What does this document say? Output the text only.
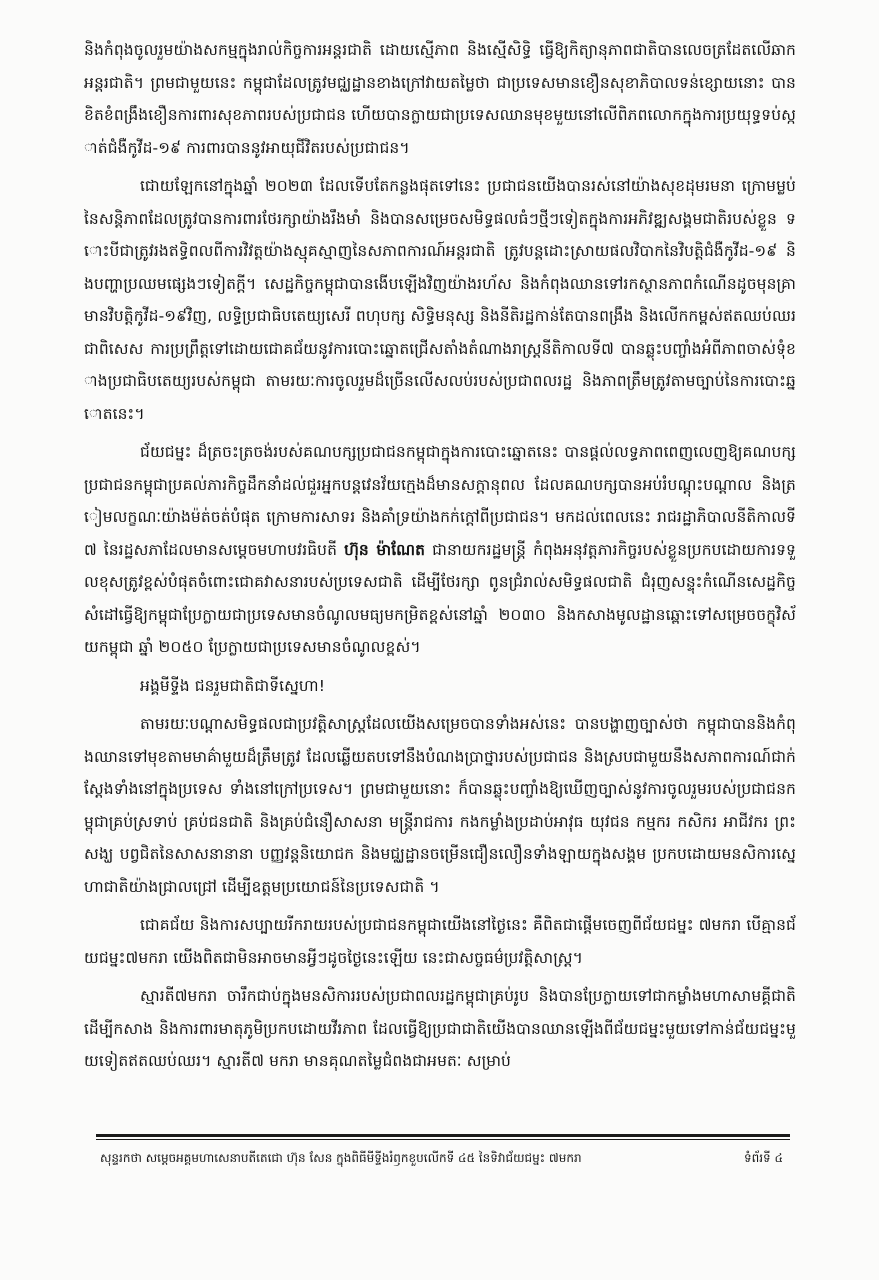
និងកំពុងចូលរួមយ៉ាងសកម្មក្នុងរាល់កិច្ចការអន្តរជាតិ ដោយស្មើភាព និងស្មើសិទ្ធិ ធ្វើឱ្យកិត្យានុភាពជាតិបានលេចត្រដែតលើឆាកអន្តរជាតិ។ ព្រមជាមួយនេះ កម្ពុជាដែលត្រូវមជ្ឈដ្ឋានខាងក្រៅវាយតម្លៃថា ជាប្រទេសមានខឿនសុខាភិបាលទន់ខ្សោយនោះ បានខិតខំពង្រឹងខឿនការពារសុខភាពរបស់ប្រជាជន ហើយបានក្លាយជាប្រទេសឈានមុខមួយនៅលើពិភពលោកក្នុងការប្រយុទ្ធទប់ស្កាត់ជំងឺកូវីដ-១៩ ការពារបាននូវអាយុជីវិតរបស់ប្រជាជន។

ជោយឡែកនៅក្នុងឆ្នាំ ២០២៣ ដែលទើបតែកន្លងផុតទៅនេះ ប្រជាជនយើងបានរស់នៅយ៉ាងសុខដុមរមនា ក្រោមម្លប់នៃសន្តិភាពដែលត្រូវបានការពារថែរក្សាយ៉ាងរឹងមាំ និងបានសម្រេចសមិទ្ធផលធំៗថ្មីៗទៀតក្នុងការអភិវឌ្ឍសង្គមជាតិរបស់ខ្លួន ទោះបីជាត្រូវរងឥទ្ធិពលពីការវិវត្តយ៉ាងស្មុគស្មាញនៃសភាពការណ៍អន្តរជាតិ ត្រូវបន្តដោះស្រាយផលវិបាកនៃវិបត្តិជំងឺកូវីដ-១៩ និងបញ្ហាប្រឈមផ្សេងៗទៀតក្តី។ សេដ្ឋកិច្ចកម្ពុជាបានងើបឡើងវិញយ៉ាងរហ័ស និងកំពុងឈានទៅរកស្ថានភាពកំណើនដូចមុនគ្រាមានវិបត្តិកូវីដ-១៩វិញ, លទ្ធិប្រជាធិបតេយ្យសេរី ពហុបក្ស សិទ្ធិមនុស្ស និងនីតិរដ្ឋកាន់តែបានពង្រឹង និងលើកកម្ពស់ឥតឈប់ឈរ ជាពិសេស ការប្រព្រឹត្តទៅដោយជោគជ័យនូវការបោះឆ្នោតជ្រើសតាំងតំណាងរាស្ត្រនីតិកាលទី៧ បានឆ្លុះបញ្ចាំងអំពីភាពចាស់ទុំខាងប្រជាធិបតេយ្យរបស់កម្ពុជា តាមរយៈការចូលរួមដ៏ច្រើនលើសលប់របស់ប្រជាពលរដ្ឋ និងភាពត្រឹមត្រូវតាមច្បាប់នៃការបោះឆ្នោតនេះ។

ជ័យជម្នះ ដ៏ត្រចះត្រចង់របស់គណបក្សប្រជាជនកម្ពុជាក្នុងការបោះឆ្នោតនេះ បានផ្តល់លទ្ធភាពពេញលេញឱ្យគណបក្សប្រជាជនកម្ពុជាប្រគល់ភារកិច្ចដឹកនាំដល់ជួរអ្នកបន្តវេនវ័យក្មេងដ៏មានសក្តានុពល ដែលគណបក្សបានអប់រំបណ្តុះបណ្តាល និងត្រៀមលក្ខណៈយ៉ាងម៉ត់ចត់បំផុត ក្រោមការសាទរ និងគាំទ្រយ៉ាងកក់ក្តៅពីប្រជាជន។ មកដល់ពេលនេះ រាជរដ្ឋាភិបាលនីតិកាលទី៧ នៃរដ្ឋសភាដែលមានសម្តេចមហាបវរធិបតី ហ៊ុន ម៉ាណែត ជានាយករដ្ឋមន្ត្រី កំពុងអនុវត្តភារកិច្ចរបស់ខ្លួនប្រកបដោយការទទួលខុសត្រូវខ្ពស់បំផុតចំពោះជោគវាសនារបស់ប្រទេសជាតិ ដើម្បីថែរក្សា ពូនជ្រំរាល់សមិទ្ធផលជាតិ ជំរុញសន្ទុះកំណើនសេដ្ឋកិច្ចសំដៅធ្វើឱ្យកម្ពុជាប្រែក្លាយជាប្រទេសមានចំណូលមធ្យមកម្រិតខ្ពស់នៅឆ្នាំ ២០៣០ និងកសាងមូលដ្ឋានឆ្ពោះទៅសម្រេចចក្ខុវិស័យកម្ពុជា ឆ្នាំ ២០៥០ ប្រែក្លាយជាប្រទេសមានចំណូលខ្ពស់។

អង្គមីទ្ទីង ជនរួមជាតិជាទីស្នេហា!

តាមរយៈបណ្តាសមិទ្ធផលជាប្រវត្តិសាស្ត្រដែលយើងសម្រេចបានទាំងអស់នេះ បានបង្ហាញច្បាស់ថា កម្ពុជាបាននិងកំពុងឈានទៅមុខតាមមាគ៌ាមួយដ៏ត្រឹមត្រូវ ដែលឆ្លើយតបទៅនឹងបំណងប្រាថ្នារបស់ប្រជាជន និងស្របជាមួយនឹងសភាពការណ៍ជាក់ស្តែងទាំងនៅក្នុងប្រទេស ទាំងនៅក្រៅប្រទេស។ ព្រមជាមួយនោះ ក៏បានឆ្លុះបញ្ចាំងឱ្យឃើញច្បាស់នូវការចូលរួមរបស់ប្រជាជនកម្ពុជាគ្រប់ស្រទាប់ គ្រប់ជនជាតិ និងគ្រប់ជំនឿសាសនា មន្ត្រីរាជការ កងកម្លាំងប្រដាប់អាវុធ យុវជន កម្មករ កសិករ អាជីវករ ព្រះសង្ឃ បព្វជិតនៃសាសនានានា បញ្ញវន្តនិយោជក និងមជ្ឈដ្ឋានចម្រើនជឿនលឿនទាំងឡាយក្នុងសង្គម ប្រកបដោយមនសិការស្នេហាជាតិយ៉ាងជ្រាលជ្រៅ ដើម្បីឧត្តមប្រយោជន៍នៃប្រទេសជាតិ ។

ជោគជ័យ និងការសប្បាយរីករាយរបស់ប្រជាជនកម្ពុជាយើងនៅថ្ងៃនេះ គឺពិតជាផ្តើមចេញពីជ័យជម្នះ ៧មករា បើគ្មានជ័យជម្នះ៧មករា យើងពិតជាមិនអាចមានអ្វីៗដូចថ្ងៃនេះឡើយ នេះជាសច្ចធម៌ប្រវត្តិសាស្ត្រ។

ស្មារតី៧មករា ចារឹកជាប់ក្នុងមនសិការរបស់ប្រជាពលរដ្ឋកម្ពុជាគ្រប់រូប និងបានប្រែក្លាយទៅជាកម្លាំងមហាសាមគ្គីជាតិដើម្បីកសាង និងការពារមាតុភូមិប្រកបដោយវីរភាព ដែលធ្វើឱ្យប្រជាជាតិយើងបានឈានឡើងពីជ័យជម្នះមួយទៅកាន់ជ័យជម្នះមួយទៀតឥតឈប់ឈរ។ ស្មារតី៧ មករា មានគុណតម្លៃជំពងជាអមតៈ សម្រាប់

សុន្ទរកថា សម្តេចអគ្គមហាសេនាបតីតេជោ ហ៊ុន សែន ក្នុងពិធីមីទ្ទីងរំឭកខួបលើកទី ៤៥ នៃទិវាជ័យជម្នះ ៧មករា	ទំព័រទី ៤
